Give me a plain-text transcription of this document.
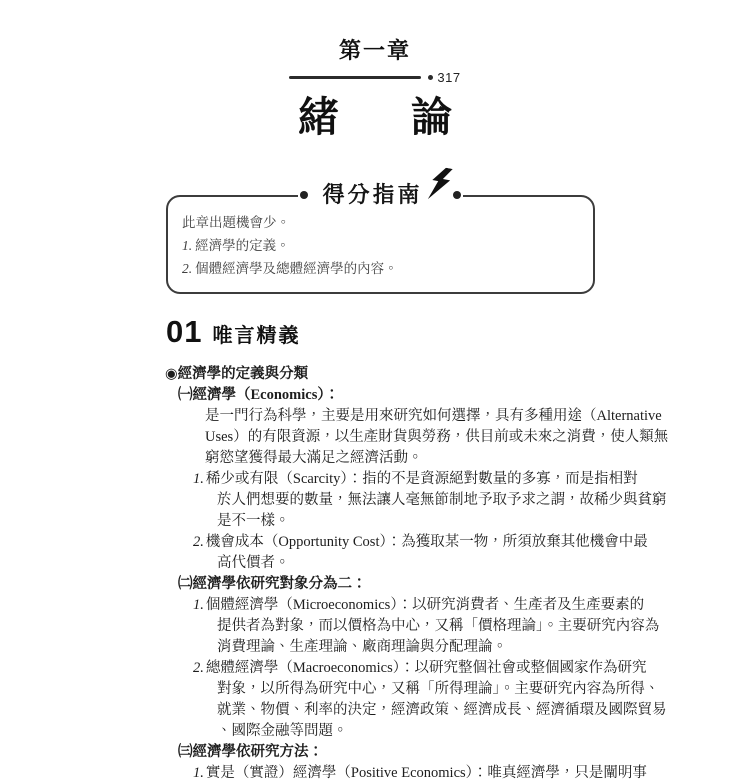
第一章
317
緒 論
得分指南
此章出題機會少。
1. 經濟學的定義。
2. 個體經濟學及總體經濟學的內容。
01 唯言精義
◉經濟學的定義與分類
㈠經濟學（Economics）：
是一門行為科學，主要是用來研究如何選擇，具有多種用途（Alternative
Uses）的有限資源，以生產財貨與勞務，供目前或未來之消費，使人類無
窮慾望獲得最大滿足之經濟活動。
1. 稀少或有限（Scarcity）：指的不是資源絕對數量的多寡，而是指相對
於人們想要的數量，無法讓人毫無節制地予取予求之謂，故稀少與貧窮
是不一樣。
2. 機會成本（Opportunity Cost）：為獲取某一物，所須放棄其他機會中最
高代價者。
㈡經濟學依研究對象分為二：
1. 個體經濟學（Microeconomics）：以研究消費者、生產者及生產要素的
提供者為對象，而以價格為中心，又稱「價格理論」。主要研究內容為
消費理論、生產理論、廠商理論與分配理論。
2. 總體經濟學（Macroeconomics）：以研究整個社會或整個國家作為研究
對象，以所得為研究中心，又稱「所得理論」。主要研究內容為所得、
就業、物價、利率的決定，經濟政策、經濟成長、經濟循環及國際貿易
、國際金融等問題。
㈢經濟學依研究方法：
1. 實是（實證）經濟學（Positive Economics）：唯真經濟學，只是闡明事
